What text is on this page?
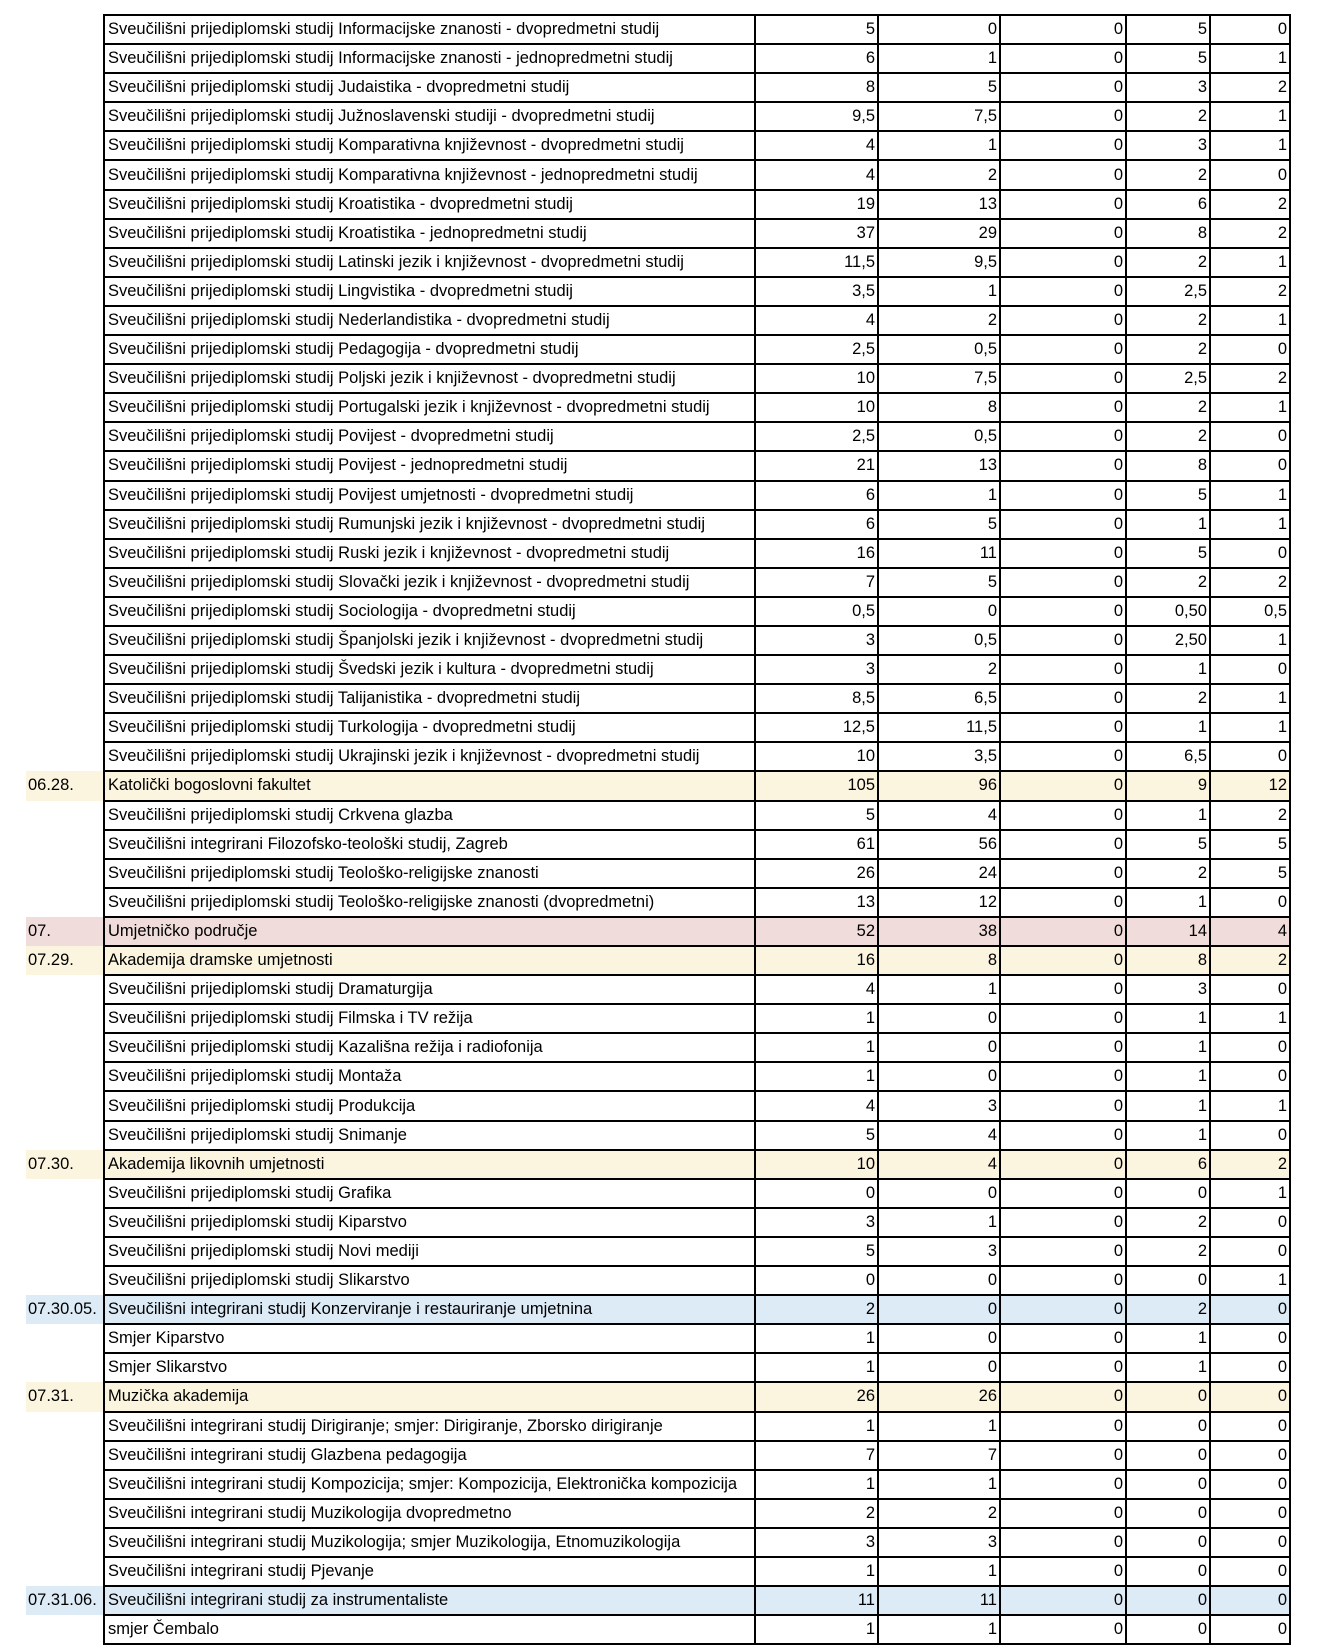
	Sveučilišni prijediplomski studij Informacijske znanosti - dvopredmetni studij	5	0	0	5	0
	Sveučilišni prijediplomski studij Informacijske znanosti - jednopredmetni studij	6	1	0	5	1
	Sveučilišni prijediplomski studij Judaistika - dvopredmetni studij	8	5	0	3	2
	Sveučilišni prijediplomski studij Južnoslavenski studiji - dvopredmetni studij	9,5	7,5	0	2	1
	Sveučilišni prijediplomski studij Komparativna književnost - dvopredmetni studij	4	1	0	3	1
	Sveučilišni prijediplomski studij Komparativna književnost - jednopredmetni studij	4	2	0	2	0
	Sveučilišni prijediplomski studij Kroatistika - dvopredmetni studij	19	13	0	6	2
	Sveučilišni prijediplomski studij Kroatistika - jednopredmetni studij	37	29	0	8	2
	Sveučilišni prijediplomski studij Latinski jezik i književnost - dvopredmetni studij	11,5	9,5	0	2	1
	Sveučilišni prijediplomski studij Lingvistika - dvopredmetni studij	3,5	1	0	2,5	2
	Sveučilišni prijediplomski studij Nederlandistika - dvopredmetni studij	4	2	0	2	1
	Sveučilišni prijediplomski studij Pedagogija - dvopredmetni studij	2,5	0,5	0	2	0
	Sveučilišni prijediplomski studij Poljski jezik i književnost - dvopredmetni studij	10	7,5	0	2,5	2
	Sveučilišni prijediplomski studij Portugalski jezik i književnost - dvopredmetni studij	10	8	0	2	1
	Sveučilišni prijediplomski studij Povijest - dvopredmetni studij	2,5	0,5	0	2	0
	Sveučilišni prijediplomski studij Povijest - jednopredmetni studij	21	13	0	8	0
	Sveučilišni prijediplomski studij Povijest umjetnosti - dvopredmetni studij	6	1	0	5	1
	Sveučilišni prijediplomski studij Rumunjski jezik i književnost - dvopredmetni studij	6	5	0	1	1
	Sveučilišni prijediplomski studij Ruski jezik i književnost - dvopredmetni studij	16	11	0	5	0
	Sveučilišni prijediplomski studij Slovački jezik i književnost - dvopredmetni studij	7	5	0	2	2
	Sveučilišni prijediplomski studij Sociologija - dvopredmetni studij	0,5	0	0	0,50	0,5
	Sveučilišni prijediplomski studij Španjolski jezik i književnost - dvopredmetni studij	3	0,5	0	2,50	1
	Sveučilišni prijediplomski studij Švedski jezik i kultura - dvopredmetni studij	3	2	0	1	0
	Sveučilišni prijediplomski studij Talijanistika - dvopredmetni studij	8,5	6,5	0	2	1
	Sveučilišni prijediplomski studij Turkologija - dvopredmetni studij	12,5	11,5	0	1	1
	Sveučilišni prijediplomski studij Ukrajinski jezik i književnost - dvopredmetni studij	10	3,5	0	6,5	0
06.28.	Katolički bogoslovni fakultet	105	96	0	9	12
	Sveučilišni prijediplomski studij Crkvena glazba	5	4	0	1	2
	Sveučilišni integrirani Filozofsko-teološki studij, Zagreb	61	56	0	5	5
	Sveučilišni prijediplomski studij Teološko-religijske znanosti	26	24	0	2	5
	Sveučilišni prijediplomski studij Teološko-religijske znanosti (dvopredmetni)	13	12	0	1	0
07.	Umjetničko područje	52	38	0	14	4
07.29.	Akademija dramske umjetnosti	16	8	0	8	2
	Sveučilišni prijediplomski studij Dramaturgija	4	1	0	3	0
	Sveučilišni prijediplomski studij Filmska i TV režija	1	0	0	1	1
	Sveučilišni prijediplomski studij Kazališna režija i radiofonija	1	0	0	1	0
	Sveučilišni prijediplomski studij Montaža	1	0	0	1	0
	Sveučilišni prijediplomski studij Produkcija	4	3	0	1	1
	Sveučilišni prijediplomski studij Snimanje	5	4	0	1	0
07.30.	Akademija likovnih umjetnosti	10	4	0	6	2
	Sveučilišni prijediplomski studij Grafika	0	0	0	0	1
	Sveučilišni prijediplomski studij Kiparstvo	3	1	0	2	0
	Sveučilišni prijediplomski studij Novi mediji	5	3	0	2	0
	Sveučilišni prijediplomski studij Slikarstvo	0	0	0	0	1
07.30.05.	Sveučilišni integrirani studij Konzerviranje i restauriranje umjetnina	2	0	0	2	0
	Smjer Kiparstvo	1	0	0	1	0
	Smjer Slikarstvo	1	0	0	1	0
07.31.	Muzička akademija	26	26	0	0	0
	Sveučilišni integrirani studij Dirigiranje; smjer: Dirigiranje, Zborsko dirigiranje	1	1	0	0	0
	Sveučilišni integrirani studij Glazbena pedagogija	7	7	0	0	0
	Sveučilišni integrirani studij Kompozicija; smjer: Kompozicija, Elektronička kompozicija	1	1	0	0	0
	Sveučilišni integrirani studij Muzikologija dvopredmetno	2	2	0	0	0
	Sveučilišni integrirani studij Muzikologija; smjer Muzikologija, Etnomuzikologija	3	3	0	0	0
	Sveučilišni integrirani studij Pjevanje	1	1	0	0	0
07.31.06.	Sveučilišni integrirani studij za instrumentaliste	11	11	0	0	0
	smjer Čembalo	1	1	0	0	0
